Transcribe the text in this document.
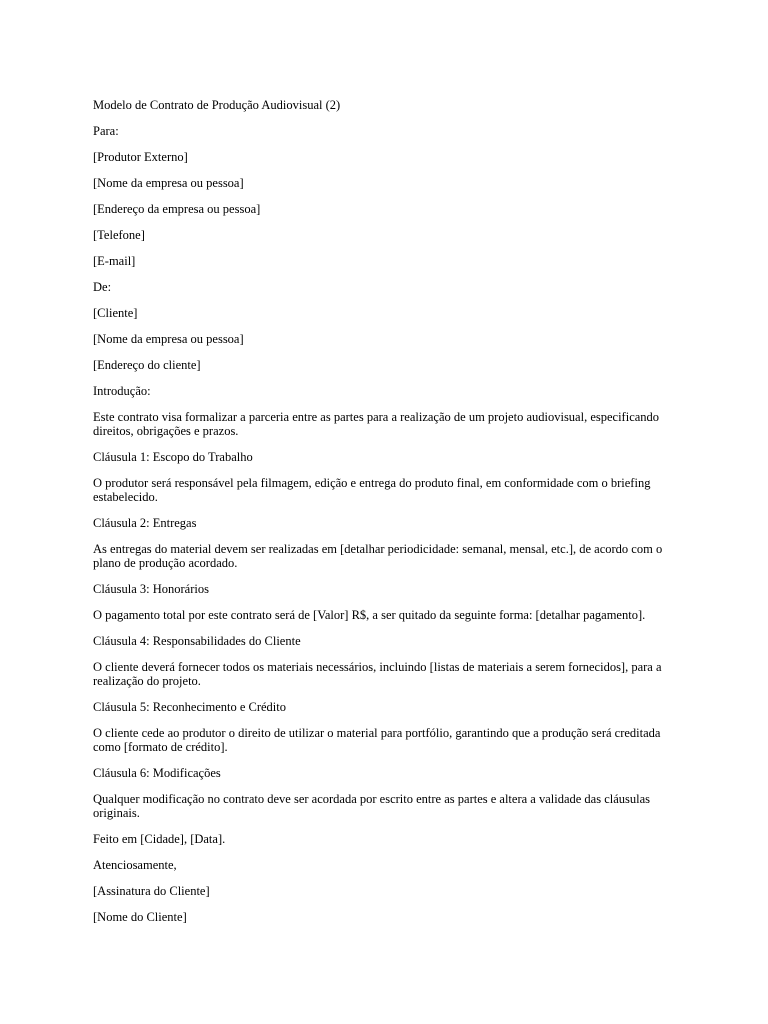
Modelo de Contrato de Produção Audiovisual (2)

Para:

[Produtor Externo]

[Nome da empresa ou pessoa]

[Endereço da empresa ou pessoa]

[Telefone]

[E-mail]

De:

[Cliente]

[Nome da empresa ou pessoa]

[Endereço do cliente]

Introdução:

Este contrato visa formalizar a parceria entre as partes para a realização de um projeto audiovisual, especificando direitos, obrigações e prazos.

Cláusula 1: Escopo do Trabalho

O produtor será responsável pela filmagem, edição e entrega do produto final, em conformidade com o briefing estabelecido.

Cláusula 2: Entregas

As entregas do material devem ser realizadas em [detalhar periodicidade: semanal, mensal, etc.], de acordo com o plano de produção acordado.

Cláusula 3: Honorários

O pagamento total por este contrato será de [Valor] R$, a ser quitado da seguinte forma: [detalhar pagamento].

Cláusula 4: Responsabilidades do Cliente

O cliente deverá fornecer todos os materiais necessários, incluindo [listas de materiais a serem fornecidos], para a realização do projeto.

Cláusula 5: Reconhecimento e Crédito

O cliente cede ao produtor o direito de utilizar o material para portfólio, garantindo que a produção será creditada como [formato de crédito].

Cláusula 6: Modificações

Qualquer modificação no contrato deve ser acordada por escrito entre as partes e altera a validade das cláusulas originais.

Feito em [Cidade], [Data].

Atenciosamente,

[Assinatura do Cliente]

[Nome do Cliente]
